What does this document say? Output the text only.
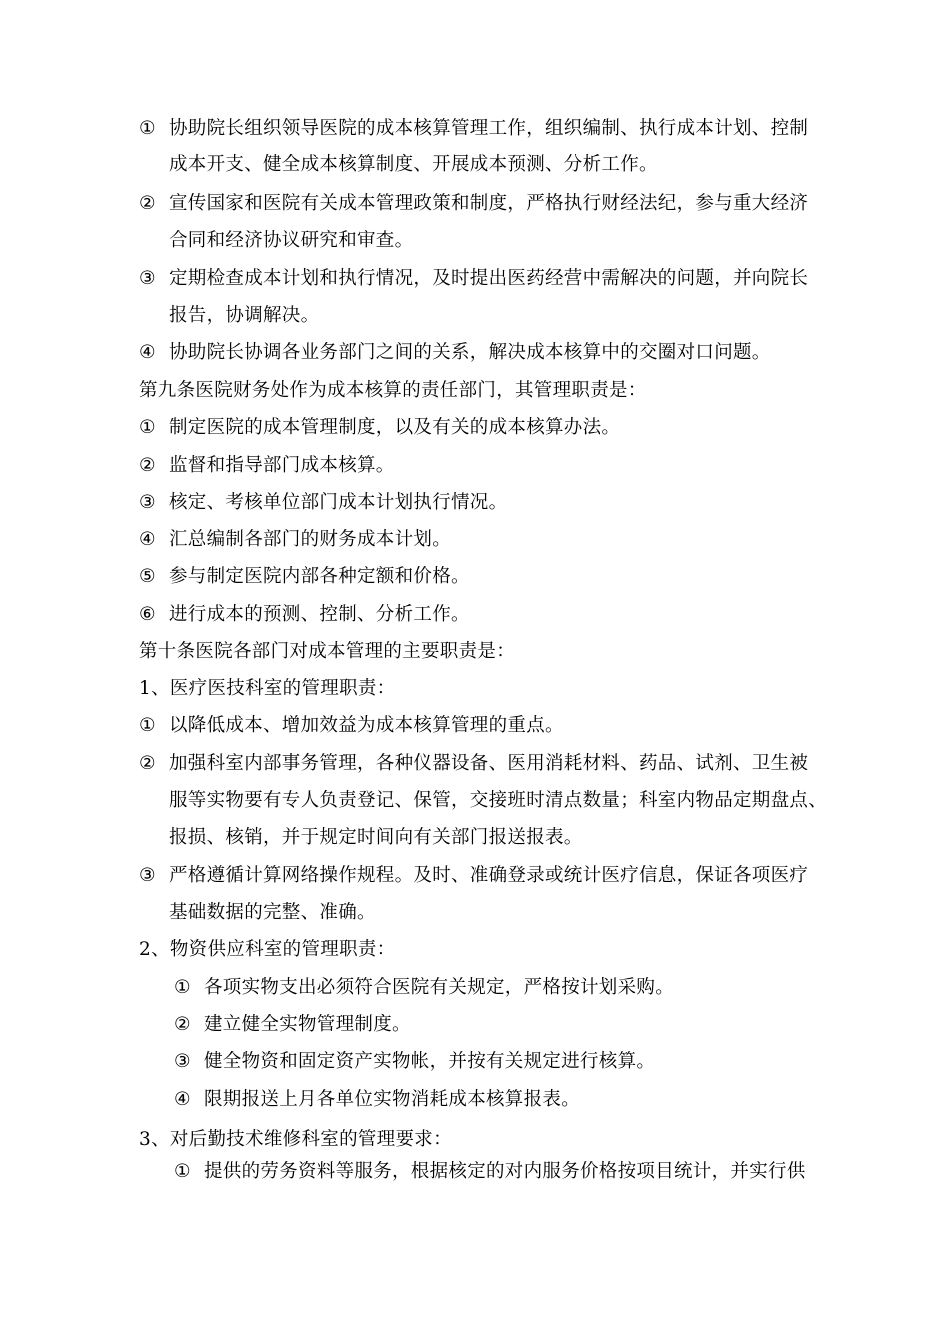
① 协助院长组织领导医院的成本核算管理工作，组织编制、执行成本计划、控制
成本开支、健全成本核算制度、开展成本预测、分析工作。
② 宣传国家和医院有关成本管理政策和制度，严格执行财经法纪，参与重大经济
合同和经济协议研究和审查。
③ 定期检查成本计划和执行情况，及时提出医药经营中需解决的问题，并向院长
报告，协调解决。
④ 协助院长协调各业务部门之间的关系，解决成本核算中的交圈对口问题。
第九条医院财务处作为成本核算的责任部门，其管理职责是：
① 制定医院的成本管理制度，以及有关的成本核算办法。
② 监督和指导部门成本核算。
③ 核定、考核单位部门成本计划执行情况。
④ 汇总编制各部门的财务成本计划。
⑤ 参与制定医院内部各种定额和价格。
⑥ 进行成本的预测、控制、分析工作。
第十条医院各部门对成本管理的主要职责是：
1、医疗医技科室的管理职责：
① 以降低成本、增加效益为成本核算管理的重点。
② 加强科室内部事务管理，各种仪器设备、医用消耗材料、药品、试剂、卫生被
服等实物要有专人负责登记、保管，交接班时清点数量；科室内物品定期盘点、
报损、核销，并于规定时间向有关部门报送报表。
③ 严格遵循计算网络操作规程。及时、准确登录或统计医疗信息，保证各项医疗
基础数据的完整、准确。
2、物资供应科室的管理职责：
① 各项实物支出必须符合医院有关规定，严格按计划采购。
② 建立健全实物管理制度。
③ 健全物资和固定资产实物帐，并按有关规定进行核算。
④ 限期报送上月各单位实物消耗成本核算报表。
3、对后勤技术维修科室的管理要求：
① 提供的劳务资料等服务，根据核定的对内服务价格按项目统计，并实行供
